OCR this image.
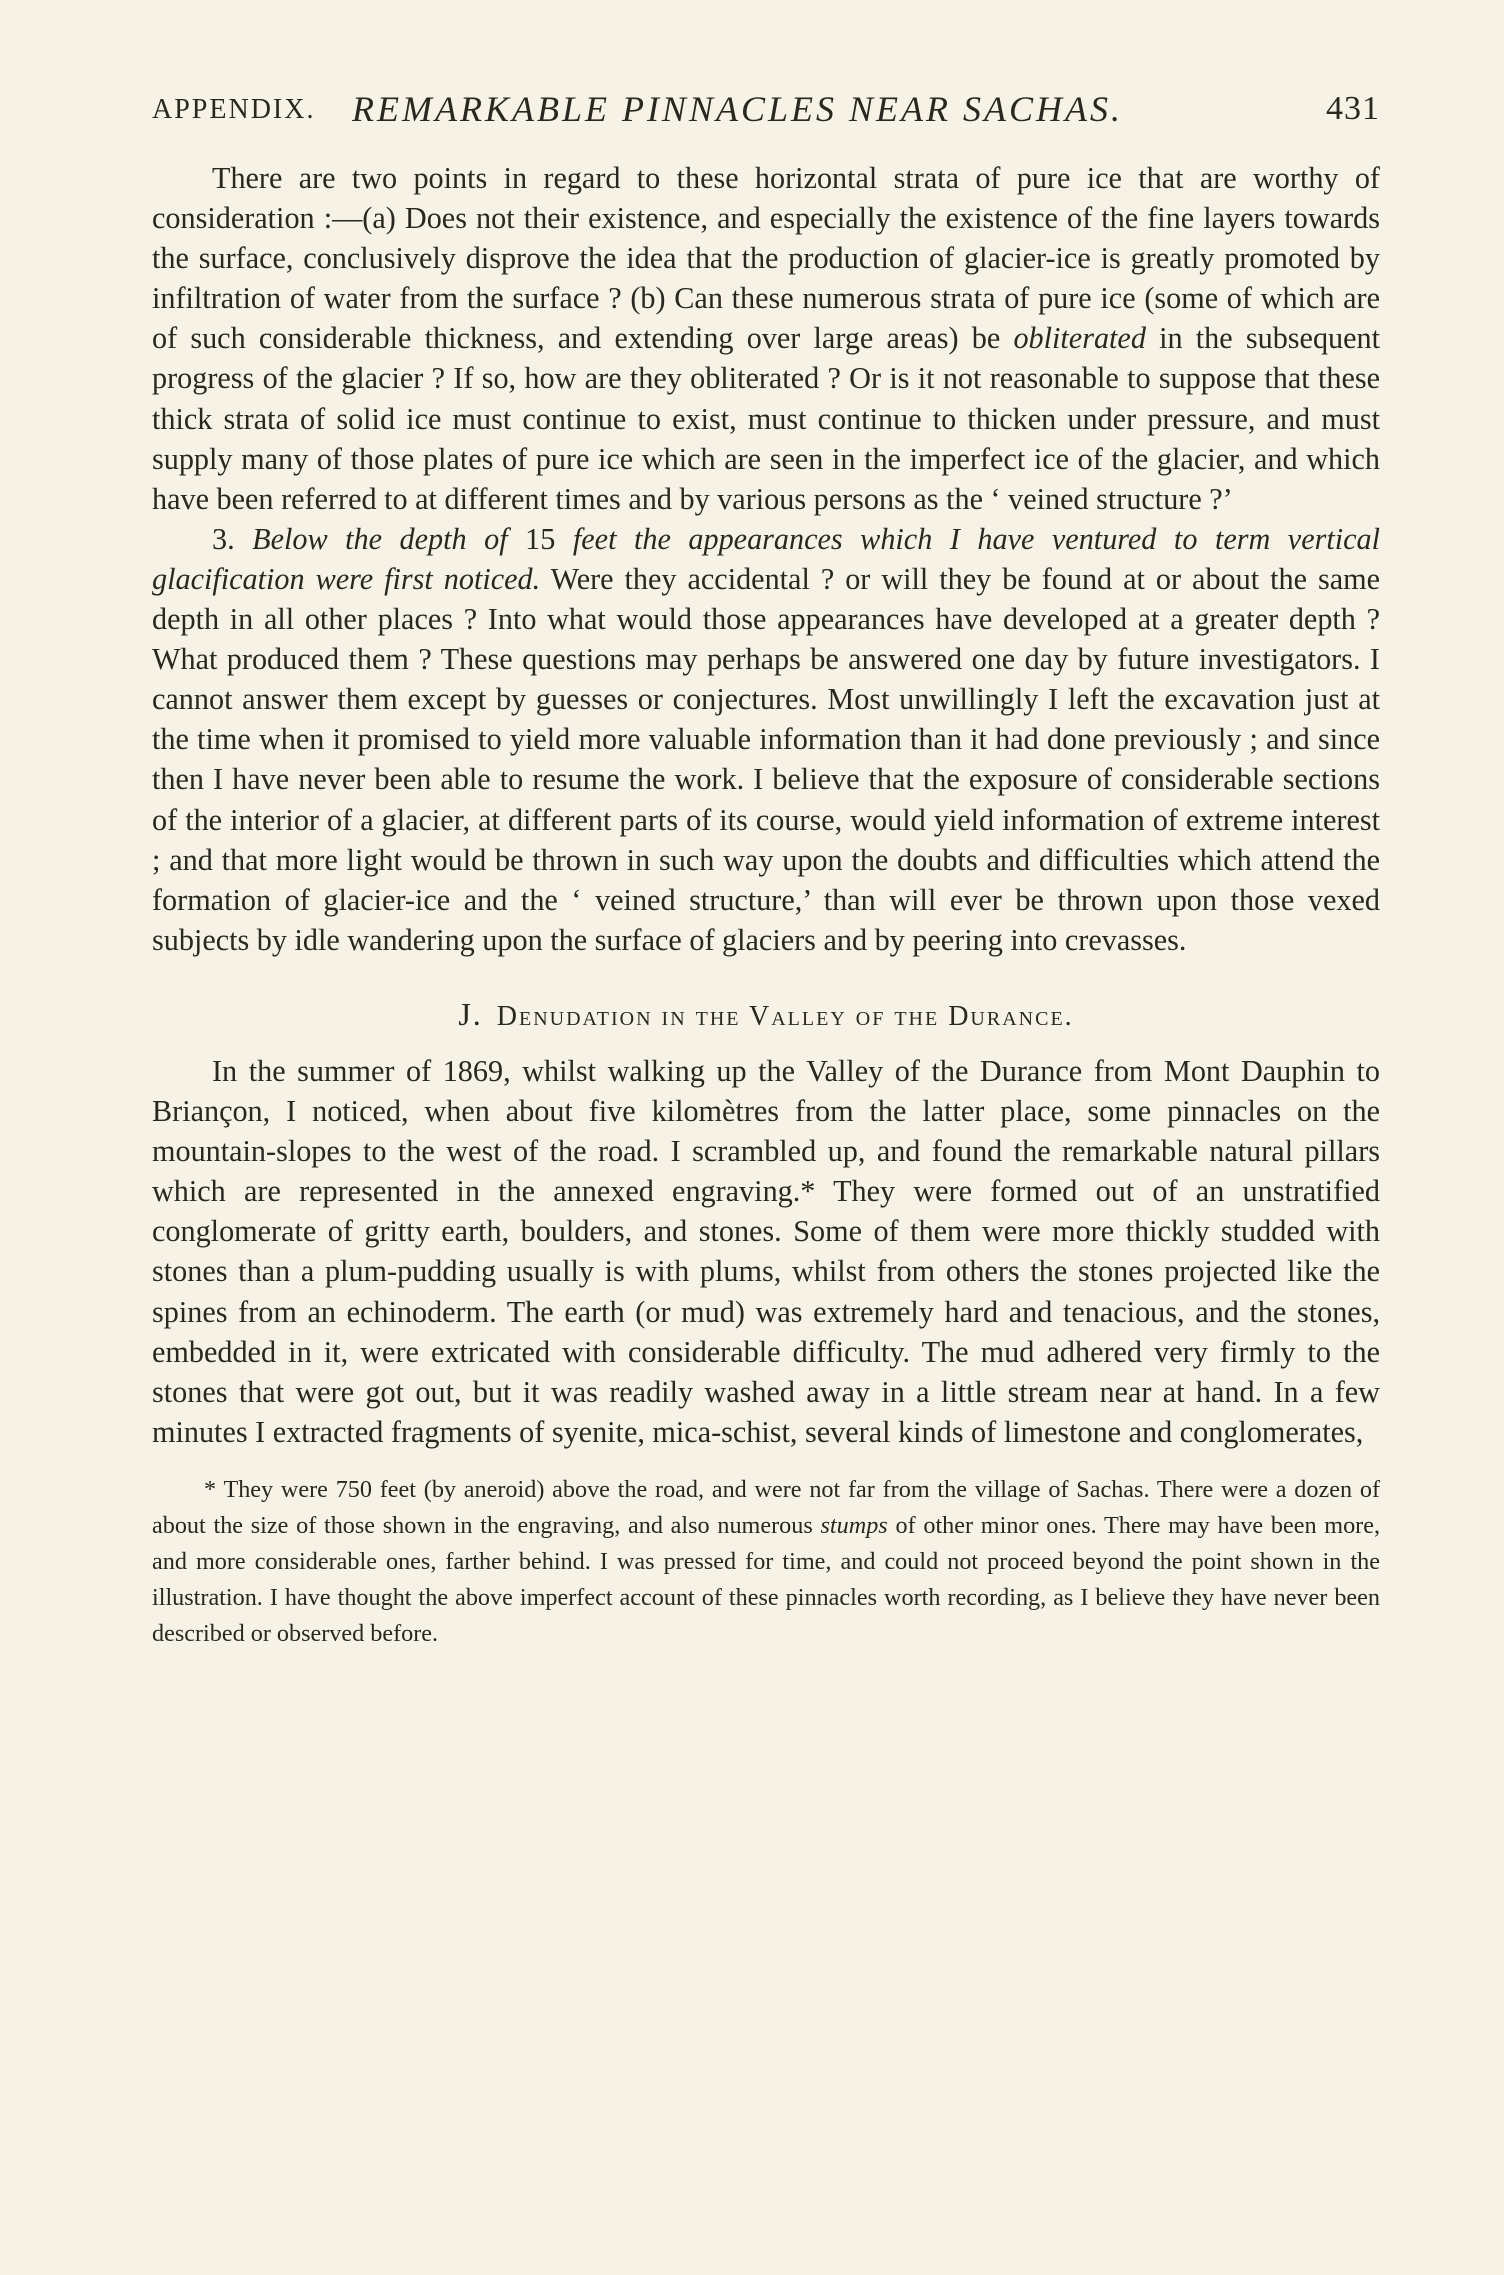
APPENDIX. REMARKABLE PINNACLES NEAR SACHAS.	431

There are two points in regard to these horizontal strata of pure ice that are worthy of consideration :—(a) Does not their existence, and especially the existence of the fine layers towards the surface, conclusively disprove the idea that the production of glacier-ice is greatly promoted by infiltration of water from the surface ? (b) Can these numerous strata of pure ice (some of which are of such considerable thickness, and extending over large areas) be obliterated in the subsequent progress of the glacier ? If so, how are they obliterated ? Or is it not reasonable to suppose that these thick strata of solid ice must continue to exist, must continue to thicken under pressure, and must supply many of those plates of pure ice which are seen in the imperfect ice of the glacier, and which have been referred to at different times and by various persons as the ‘ veined structure ?’

3. Below the depth of 15 feet the appearances which I have ventured to term vertical glacification were first noticed. Were they accidental ? or will they be found at or about the same depth in all other places ? Into what would those appearances have developed at a greater depth ? What produced them ? These questions may perhaps be answered one day by future investigators. I cannot answer them except by guesses or conjectures. Most unwillingly I left the excavation just at the time when it promised to yield more valuable information than it had done previously ; and since then I have never been able to resume the work. I believe that the exposure of considerable sections of the interior of a glacier, at different parts of its course, would yield information of extreme interest ; and that more light would be thrown in such way upon the doubts and difficulties which attend the formation of glacier-ice and the ‘ veined structure,’ than will ever be thrown upon those vexed subjects by idle wandering upon the surface of glaciers and by peering into crevasses.

J. Denudation in the Valley of the Durance.

In the summer of 1869, whilst walking up the Valley of the Durance from Mont Dauphin to Briançon, I noticed, when about five kilomètres from the latter place, some pinnacles on the mountain-slopes to the west of the road. I scrambled up, and found the remarkable natural pillars which are represented in the annexed engraving.* They were formed out of an unstratified conglomerate of gritty earth, boulders, and stones. Some of them were more thickly studded with stones than a plum-pudding usually is with plums, whilst from others the stones projected like the spines from an echinoderm. The earth (or mud) was extremely hard and tenacious, and the stones, embedded in it, were extricated with considerable difficulty. The mud adhered very firmly to the stones that were got out, but it was readily washed away in a little stream near at hand. In a few minutes I extracted fragments of syenite, mica-schist, several kinds of limestone and conglomerates,

* They were 750 feet (by aneroid) above the road, and were not far from the village of Sachas. There were a dozen of about the size of those shown in the engraving, and also numerous stumps of other minor ones. There may have been more, and more considerable ones, farther behind. I was pressed for time, and could not proceed beyond the point shown in the illustration. I have thought the above imperfect account of these pinnacles worth recording, as I believe they have never been described or observed before.
